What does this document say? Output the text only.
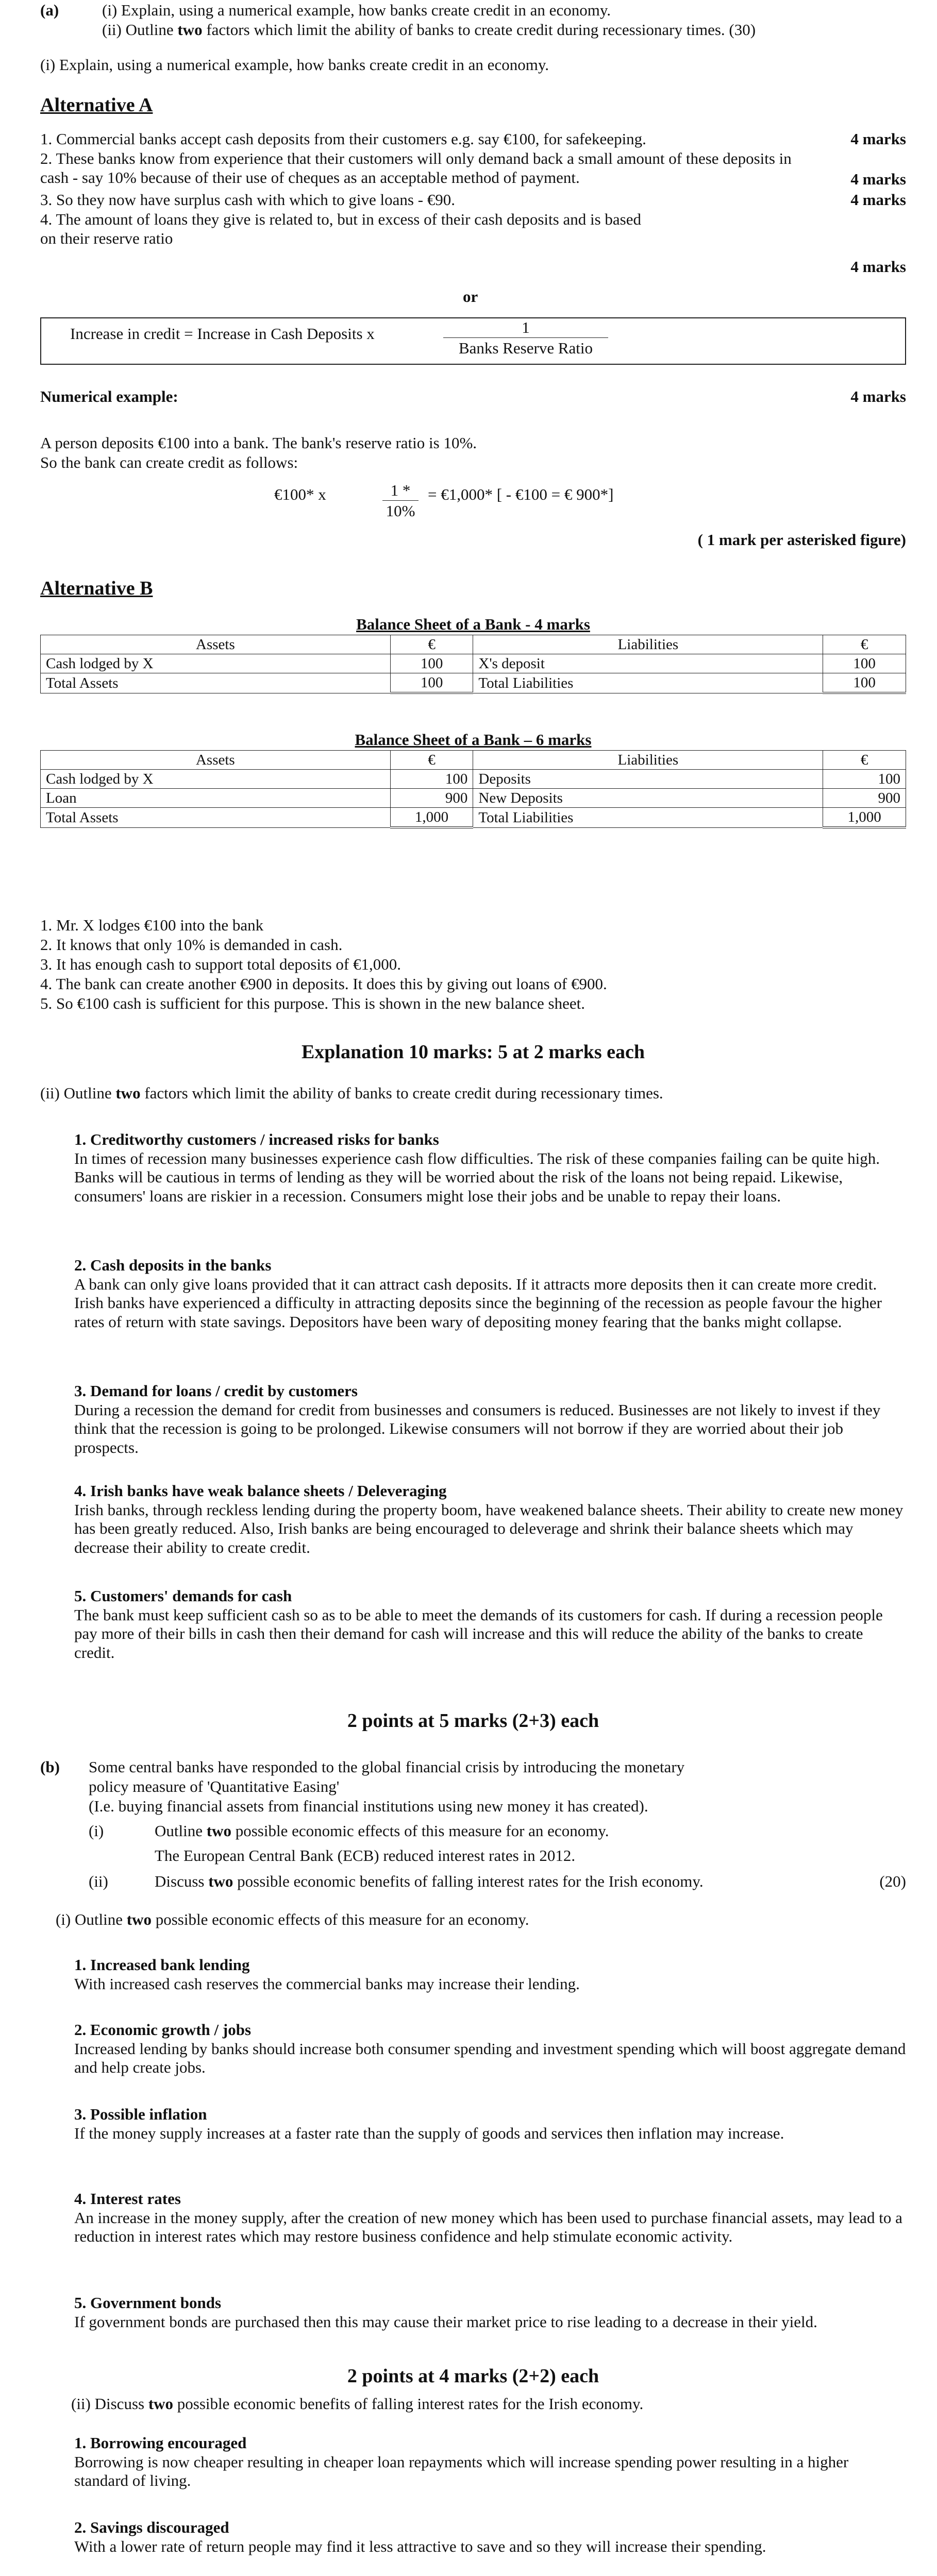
(a)	(i) Explain, using a numerical example, how banks create credit in an economy.
(ii) Outline two factors which limit the ability of banks to create credit during recessionary times. (30)
(i) Explain, using a numerical example, how banks create credit in an economy.
Alternative A
1. Commercial banks accept cash deposits from their customers e.g. say €100, for safekeeping.	4 marks
2. These banks know from experience that their customers will only demand back a small amount of these deposits in cash - say 10% because of their use of cheques as an acceptable method of payment.	4 marks
3. So they now have surplus cash with which to give loans - €90.	4 marks
4. The amount of loans they give is related to, but in excess of their cash deposits and is based on their reserve ratio
4 marks
or
Increase in credit = Increase in Cash Deposits x	1
Banks Reserve Ratio
Numerical example:	4 marks
A person deposits €100 into a bank. The bank's reserve ratio is 10%.
So the bank can create credit as follows:
€100* x	1 *
10%
= €1,000* [ - €100 = € 900*]
( 1 mark per asterisked figure)
Alternative B
Balance Sheet of a Bank - 4 marks
Assets	€	Liabilities	€
Cash lodged by X	100	X's deposit	100
Total Assets	100	Total Liabilities	100
Balance Sheet of a Bank – 6 marks
Assets	€	Liabilities	€
Cash lodged by X	100	Deposits	100
Loan	900	New Deposits	900
Total Assets	1,000	Total Liabilities	1,000
1. Mr. X lodges €100 into the bank
2. It knows that only 10% is demanded in cash.
3. It has enough cash to support total deposits of €1,000.
4. The bank can create another €900 in deposits. It does this by giving out loans of €900.
5. So €100 cash is sufficient for this purpose. This is shown in the new balance sheet.
Explanation 10 marks: 5 at 2 marks each
(ii) Outline two factors which limit the ability of banks to create credit during recessionary times.

1. Creditworthy customers / increased risks for banks

In times of recession many businesses experience cash flow difficulties. The risk of these companies failing can be quite high. Banks will be cautious in terms of lending as they will be worried about the risk of the loans not being repaid. Likewise, consumers' loans are riskier in a recession. Consumers might lose their jobs and be unable to repay their loans.

2. Cash deposits in the banks

A bank can only give loans provided that it can attract cash deposits. If it attracts more deposits then it can create more credit. Irish banks have experienced a difficulty in attracting deposits since the beginning of the recession as people favour the higher rates of return with state savings. Depositors have been wary of depositing money fearing that the banks might collapse.

3. Demand for loans / credit by customers

During a recession the demand for credit from businesses and consumers is reduced. Businesses are not likely to invest if they think that the recession is going to be prolonged. Likewise consumers will not borrow if they are worried about their job prospects.

4. Irish banks have weak balance sheets / Deleveraging

Irish banks, through reckless lending during the property boom, have weakened balance sheets. Their ability to create new money has been greatly reduced. Also, Irish banks are being encouraged to deleverage and shrink their balance sheets which may decrease their ability to create credit.

5. Customers' demands for cash

The bank must keep sufficient cash so as to be able to meet the demands of its customers for cash. If during a recession people pay more of their bills in cash then their demand for cash will increase and this will reduce the ability of the banks to create credit.

2 points at 5 marks (2+3) each
(b) Some central banks have responded to the global financial crisis by introducing the monetary
policy measure of 'Quantitative Easing'
(I.e. buying financial assets from financial institutions using new money it has created).
(i)	Outline two possible economic effects of this measure for an economy.
The European Central Bank (ECB) reduced interest rates in 2012.
(ii)	Discuss two possible economic benefits of falling interest rates for the Irish economy.	(20)
(i) Outline two possible economic effects of this measure for an economy.

1. Increased bank lending

With increased cash reserves the commercial banks may increase their lending.

2. Economic growth / jobs

Increased lending by banks should increase both consumer spending and investment spending which will boost aggregate demand and help create jobs.

3. Possible inflation

If the money supply increases at a faster rate than the supply of goods and services then inflation may increase.

4. Interest rates

An increase in the money supply, after the creation of new money which has been used to purchase financial assets, may lead to a reduction in interest rates which may restore business confidence and help stimulate economic activity.

5. Government bonds

If government bonds are purchased then this may cause their market price to rise leading to a decrease in their yield.

2 points at 4 marks (2+2) each
(ii) Discuss two possible economic benefits of falling interest rates for the Irish economy.

1. Borrowing encouraged

Borrowing is now cheaper resulting in cheaper loan repayments which will increase spending power resulting in a higher standard of living.

2. Savings discouraged

With a lower rate of return people may find it less attractive to save and so they will increase their spending.
